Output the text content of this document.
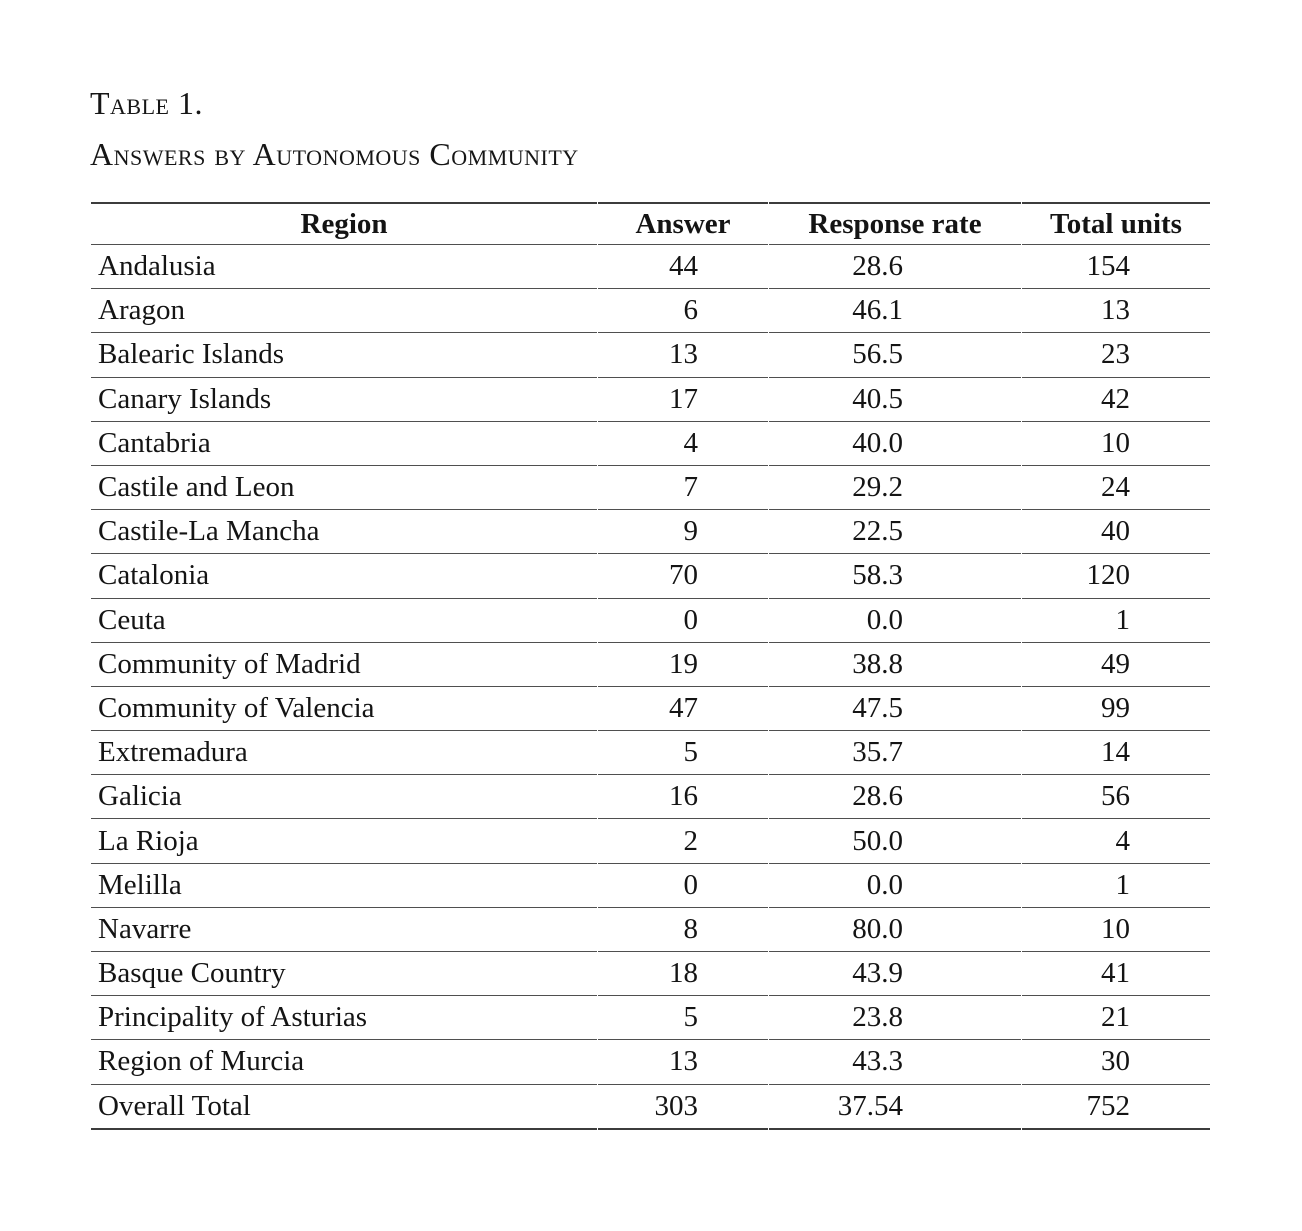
Table 1.
Answers by Autonomous Community
Region	Answer	Response rate	Total units
Andalusia	44	28.6	154
Aragon	6	46.1	13
Balearic Islands	13	56.5	23
Canary Islands	17	40.5	42
Cantabria	4	40.0	10
Castile and Leon	7	29.2	24
Castile-La Mancha	9	22.5	40
Catalonia	70	58.3	120
Ceuta	0	0.0	1
Community of Madrid	19	38.8	49
Community of Valencia	47	47.5	99
Extremadura	5	35.7	14
Galicia	16	28.6	56
La Rioja	2	50.0	4
Melilla	0	0.0	1
Navarre	8	80.0	10
Basque Country	18	43.9	41
Principality of Asturias	5	23.8	21
Region of Murcia	13	43.3	30
Overall Total	303	37.54	752
